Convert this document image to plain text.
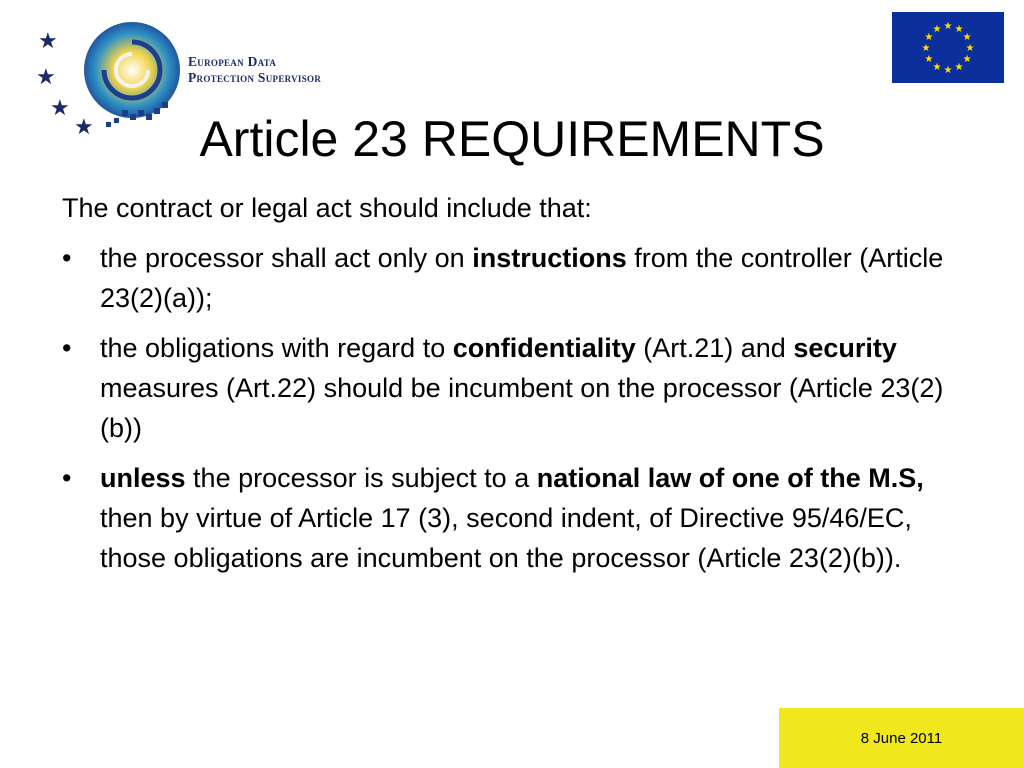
★
★
★
★
European Data
Protection Supervisor
★ ★
★
★
★
★
★
★
★
★
★
★
Article 23 REQUIREMENTS

The contract or legal act should include that:

• the processor shall act only on instructions from the controller (Article 23(2)(a));
• the obligations with regard to confidentiality (Art.21) and security measures (Art.22) should be incumbent on the processor (Article 23(2)(b))
• unless the processor is subject to a national law of one of the M.S, then by virtue of Article 17 (3), second indent, of Directive 95/46/EC, those obligations are incumbent on the processor (Article 23(2)(b)).
8 June 2011
